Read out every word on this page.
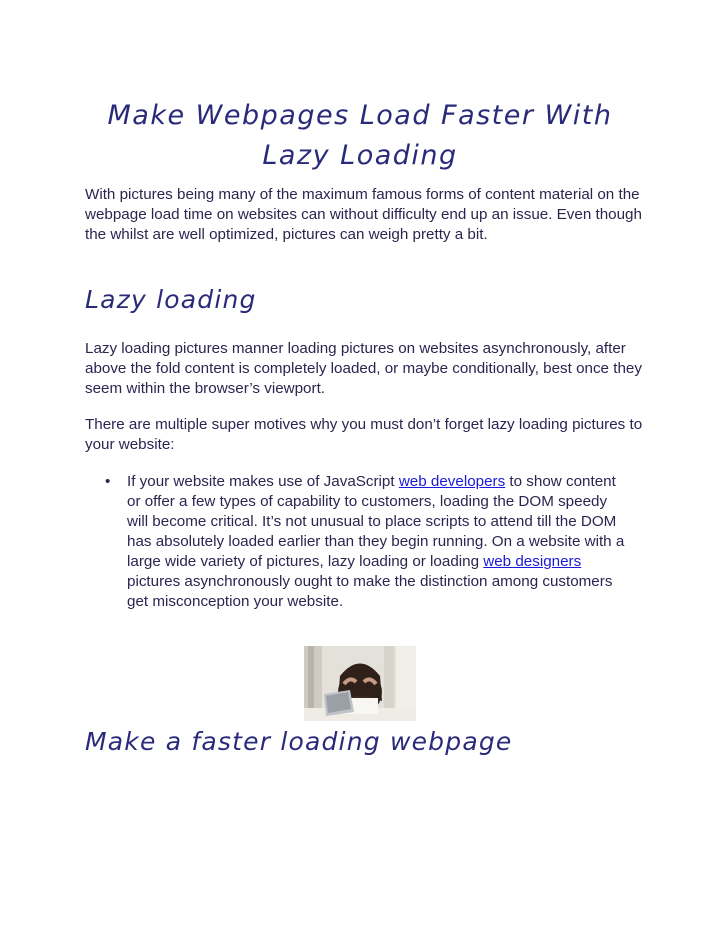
Make Webpages Load Faster With Lazy Loading

With pictures being many of the maximum famous forms of content material on the webpage load time on websites can without difficulty end up an issue. Even though the whilst are well optimized, pictures can weigh pretty a bit.

Lazy loading

Lazy loading pictures manner loading pictures on websites asynchronously, after above the fold content is completely loaded, or maybe conditionally, best once they seem within the browser’s viewport.

There are multiple super motives why you must don’t forget lazy loading pictures to your website:

• If your website makes use of JavaScript web developers to show content or offer a few types of capability to customers, loading the DOM speedy will become critical. It’s not unusual to place scripts to attend till the DOM has absolutely loaded earlier than they begin running. On a website with a large wide variety of pictures, lazy loading or loading web designers pictures asynchronously ought to make the distinction among customers get misconception your website.
Make a faster loading webpage
